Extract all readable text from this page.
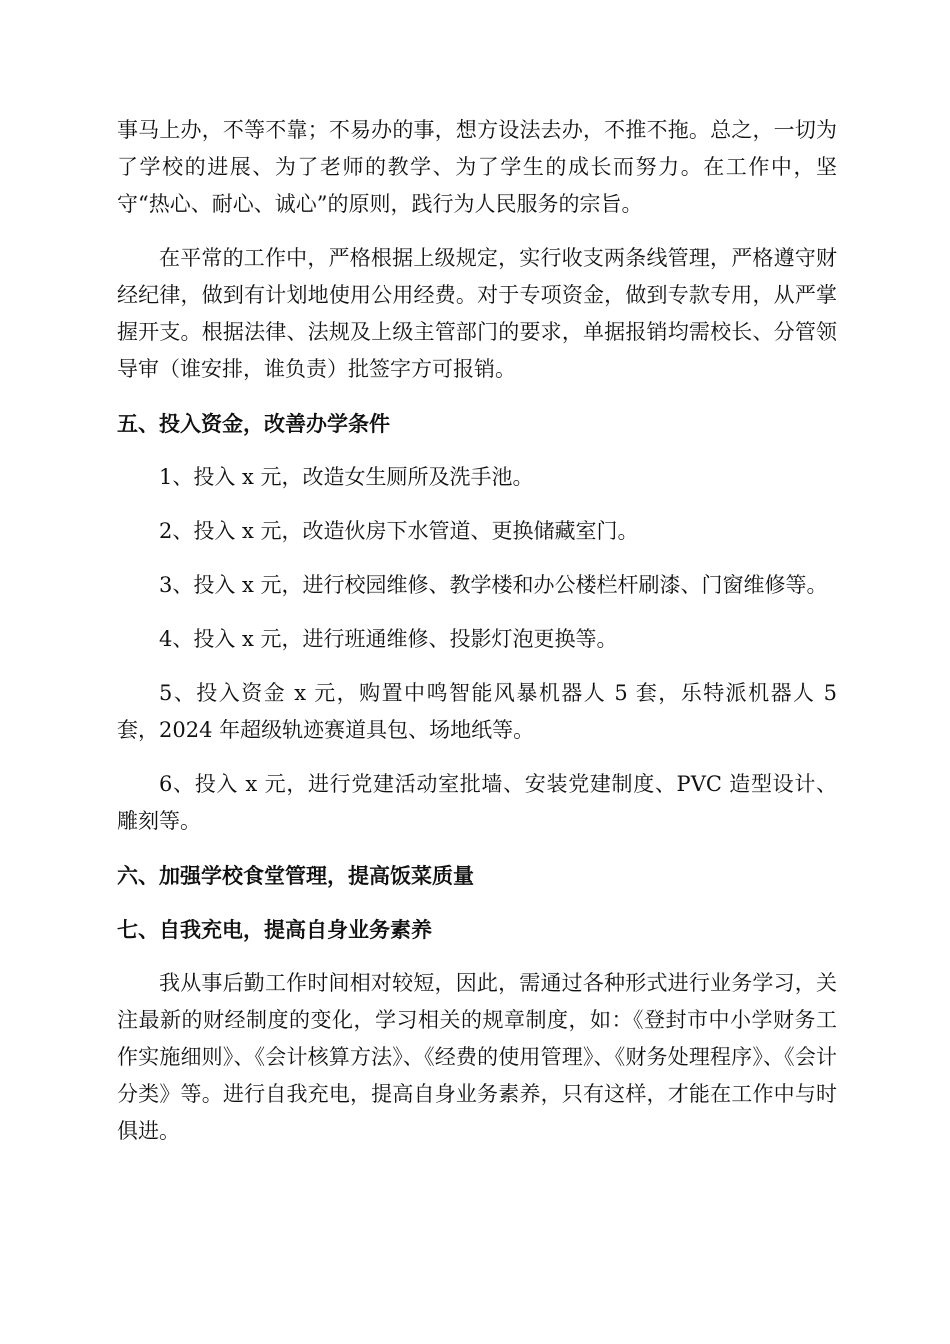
事马上办，不等不靠；不易办的事，想方设法去办，不推不拖。总之，一切为了学校的进展、为了老师的教学、为了学生的成长而努力。在工作中，坚守“热心、耐心、诚心”的原则，践行为人民服务的宗旨。

在平常的工作中，严格根据上级规定，实行收支两条线管理，严格遵守财经纪律，做到有计划地使用公用经费。对于专项资金，做到专款专用，从严掌握开支。根据法律、法规及上级主管部门的要求，单据报销均需校长、分管领导审（谁安排，谁负责）批签字方可报销。

五、投入资金，改善办学条件

1、投入 x 元，改造女生厕所及洗手池。

2、投入 x 元，改造伙房下水管道、更换储藏室门。

3、投入 x 元，进行校园维修、教学楼和办公楼栏杆刷漆、门窗维修等。

4、投入 x 元，进行班通维修、投影灯泡更换等。

5、投入资金 x 元，购置中鸣智能风暴机器人 5 套，乐特派机器人 5 套，2024 年超级轨迹赛道具包、场地纸等。

6、投入 x 元，进行党建活动室批墙、安装党建制度、PVC 造型设计、雕刻等。

六、加强学校食堂管理，提高饭菜质量

七、自我充电，提高自身业务素养

我从事后勤工作时间相对较短，因此，需通过各种形式进行业务学习，关注最新的财经制度的变化，学习相关的规章制度，如：《登封市中小学财务工作实施细则》、《会计核算方法》、《经费的使用管理》、《财务处理程序》、《会计分类》等。进行自我充电，提高自身业务素养，只有这样，才能在工作中与时俱进。
